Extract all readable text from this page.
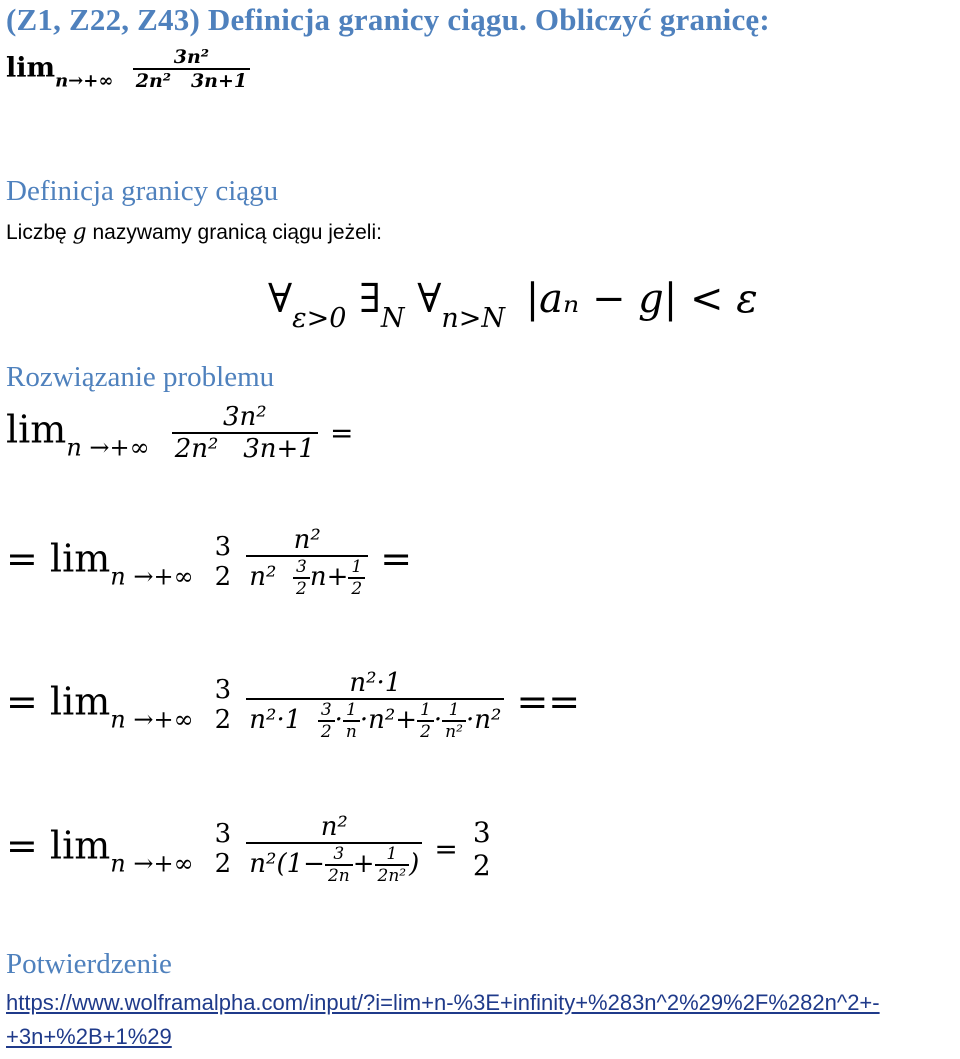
(Z1, Z22, Z43) Definicja granicy ciągu. Obliczyć granicę:
$\lim_{n\to+\infty} \frac{\text{3n²}}{\text{2n²   3n+1}}$
Definicja granicy ciągu
Liczbę g nazywamy granicą ciągu jeżeli:
$\forall_{\varepsilon>0}$ $\exists_N$ $\forall_{n>N}$ |aₙ − g| < ε
Rozwiązanie problemu
$\lim_{n \to+\infty} \frac{\text{3n²}}{\text{2n²   3n+1}}$ =
= $\lim_{n \to+\infty}$
3
2
$\frac{\text{n²}}{n^2 \frac{3}{2} n+ \frac{1}{2}}$ =
= $\lim_{n \to+\infty}$
3
2
$\frac{\text{n²·1}}{n^2\cdot 1 \frac{3}{2} \cdot \frac{1}{n} \cdot n^2+ \frac{1}{2} \cdot \frac{1}{\text{n²}} \cdot n^2}$ ==
= $\lim_{n \to+\infty}$
3
2
$\frac{\text{n²}}{n^2(1- \frac{3}{2n} + \frac{1}{\text{2n²}} )} = 3$
2
Potwierdzenie
https://www.wolframalpha.com/input/?i=lim+n-%3E+infinity+%283n^2%29%2F%282n^2+-
+3n+%2B+1%29
